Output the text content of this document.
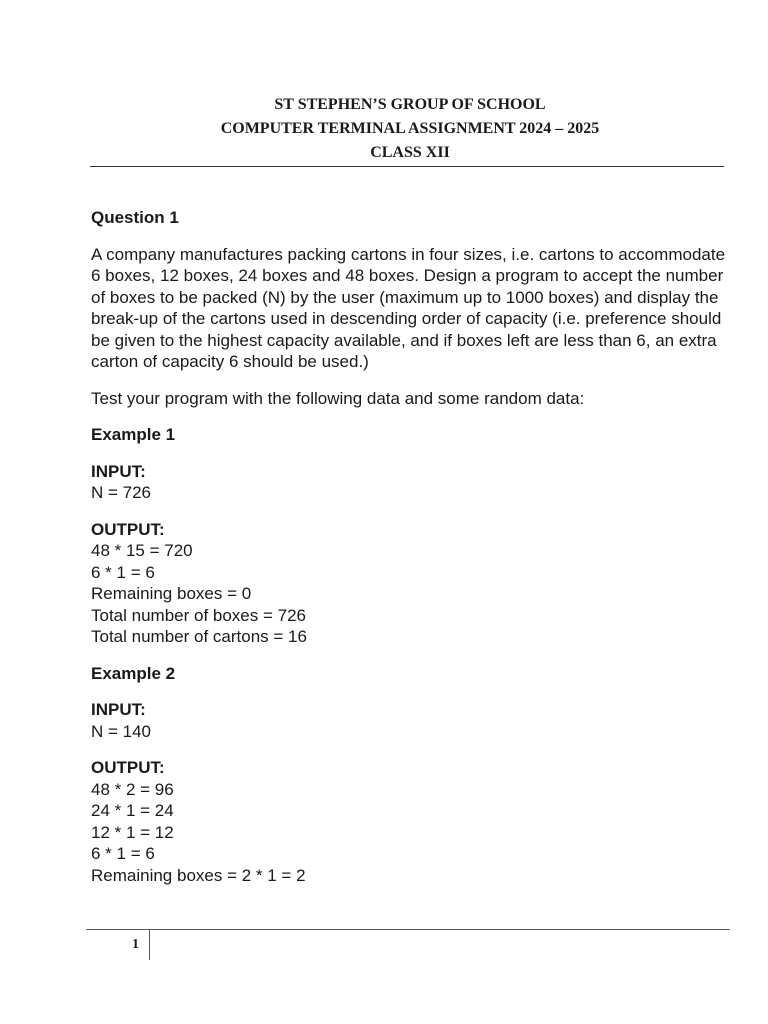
ST STEPHEN’S GROUP OF SCHOOL
COMPUTER TERMINAL ASSIGNMENT 2024 – 2025
CLASS XII

Question 1

A company manufactures packing cartons in four sizes, i.e. cartons to accommodate 6 boxes, 12 boxes, 24 boxes and 48 boxes. Design a program to accept the number of boxes to be packed (N) by the user (maximum up to 1000 boxes) and display the break-up of the cartons used in descending order of capacity (i.e. preference should be given to the highest capacity available, and if boxes left are less than 6, an extra carton of capacity 6 should be used.)

Test your program with the following data and some random data:

Example 1

INPUT:

N = 726

OUTPUT:

48 * 15 = 720

6 * 1 = 6

Remaining boxes = 0

Total number of boxes = 726

Total number of cartons = 16

Example 2

INPUT:

N = 140

OUTPUT:

48 * 2 = 96

24 * 1 = 24

12 * 1 = 12

6 * 1 = 6

Remaining boxes = 2 * 1 = 2

1
